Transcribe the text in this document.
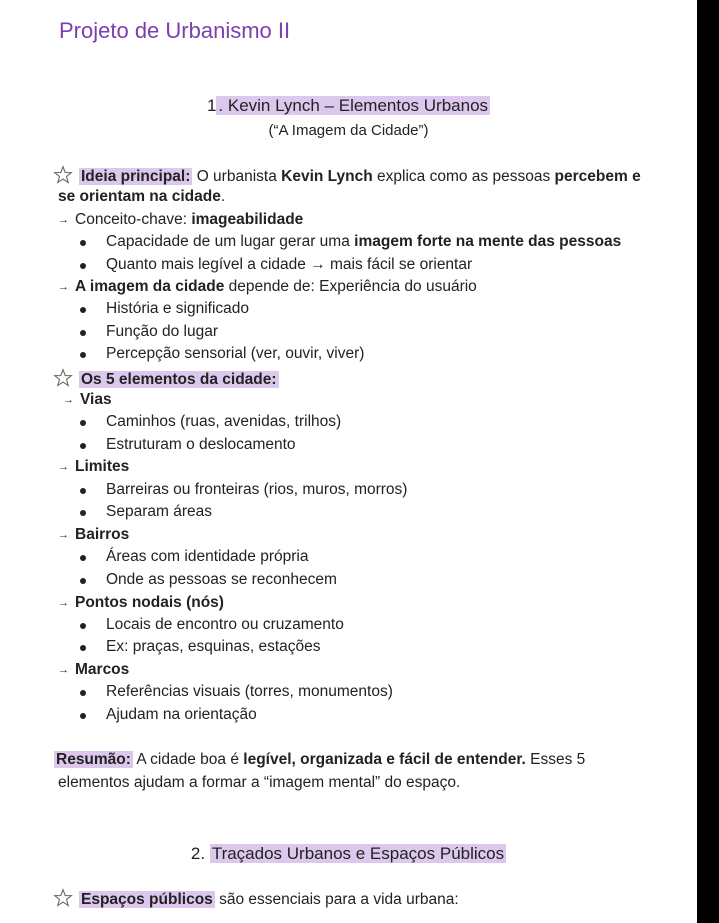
Projeto de Urbanismo II
1 . Kevin Lynch – Elementos Urbanos
(“A Imagem da Cidade”)
Ideia principal: O urbanista Kevin Lynch explica como as pessoas percebem e
se orientam na cidade.
→ Conceito-chave: imageabilidade
Capacidade de um lugar gerar uma imagem forte na mente das pessoas
Quanto mais legível a cidade → mais fácil se orientar
→ A imagem da cidade depende de: Experiência do usuário
História e significado
Função do lugar
Percepção sensorial (ver, ouvir, viver)
Os 5 elementos da cidade:
→ Vias
Caminhos (ruas, avenidas, trilhos)
Estruturam o deslocamento
→ Limites
Barreiras ou fronteiras (rios, muros, morros)
Separam áreas
→ Bairros
Áreas com identidade própria
Onde as pessoas se reconhecem
→ Pontos nodais (nós)
Locais de encontro ou cruzamento
Ex: praças, esquinas, estações
→ Marcos
Referências visuais (torres, monumentos)
Ajudam na orientação
Resumão: A cidade boa é legível, organizada e fácil de entender. Esses 5
elementos ajudam a formar a “imagem mental” do espaço.
2. Traçados Urbanos e Espaços Públicos
Espaços públicos são essenciais para a vida urbana:
